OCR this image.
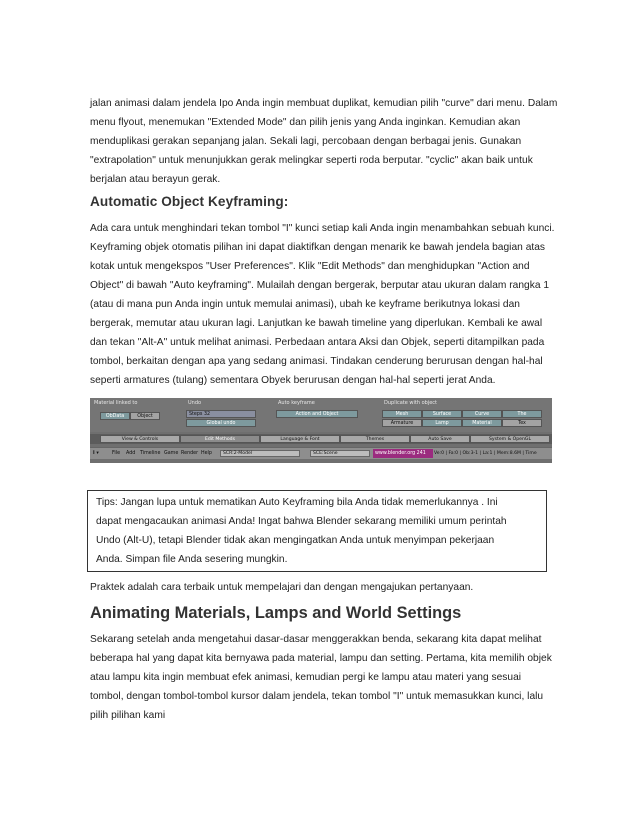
jalan animasi dalam jendela Ipo Anda ingin membuat duplikat, kemudian pilih "curve" dari menu. Dalam menu flyout, menemukan "Extended Mode" dan pilih jenis yang Anda inginkan. Kemudian akan menduplikasi gerakan sepanjang jalan. Sekali lagi, percobaan dengan berbagai jenis. Gunakan "extrapolation" untuk menunjukkan gerak melingkar seperti roda berputar. "cyclic" akan baik untuk berjalan atau berayun gerak.

Automatic Object Keyframing:

Ada cara untuk menghindari tekan tombol "I" kunci setiap kali Anda ingin menambahkan sebuah kunci. Keyframing objek otomatis pilihan ini dapat diaktifkan dengan menarik ke bawah jendela bagian atas kotak untuk mengekspos "User Preferences". Klik "Edit Methods" dan menghidupkan "Action and Object" di bawah "Auto keyframing". Mulailah dengan bergerak, berputar atau ukuran dalam rangka 1 (atau di mana pun Anda ingin untuk memulai animasi), ubah ke keyframe berikutnya lokasi dan bergerak, memutar atau ukuran lagi. Lanjutkan ke bawah timeline yang diperlukan. Kembali ke awal dan tekan "Alt-A" untuk melihat animasi. Perbedaan antara Aksi dan Objek, seperti ditampilkan pada tombol, berkaitan dengan apa yang sedang animasi. Tindakan cenderung berurusan dengan hal-hal seperti armatures (tulang) sementara Obyek berurusan dengan hal-hal seperti jerat Anda.

Material linked to
ObData	Object
Undo
Steps 32
Global undo
Auto keyframe
Action and Object
Duplicate with object
Mesh	Surface	Curve	The
Armature	Lamp	Material	Tex
View & Controls	Edit Methods	Language & Font	Themes	Auto Save	System & OpenGL
i ▾	File Add Timeline Game Render Help	SCR:2-Model	SCE:Scene	www.blender.org 241	Ve:0 | Fa:0 | Ob:3-1 | La:1 | Mem:8.6M | Time

Tips: Jangan lupa untuk mematikan Auto Keyframing bila Anda tidak memerlukannya . Ini

dapat mengacaukan animasi Anda! Ingat bahwa Blender sekarang memiliki umum perintah

Undo (Alt-U), tetapi Blender tidak akan mengingatkan Anda untuk menyimpan pekerjaan

Anda. Simpan file Anda sesering mungkin.

Praktek adalah cara terbaik untuk mempelajari dan dengan mengajukan pertanyaan.

Animating Materials, Lamps and World Settings

Sekarang setelah anda mengetahui dasar-dasar menggerakkan benda, sekarang kita dapat melihat beberapa hal yang dapat kita bernyawa pada material, lampu dan setting. Pertama, kita memilih objek atau lampu kita ingin membuat efek animasi, kemudian pergi ke lampu atau materi yang sesuai tombol, dengan tombol-tombol kursor dalam jendela, tekan tombol "I" untuk memasukkan kunci, lalu pilih pilihan kami
